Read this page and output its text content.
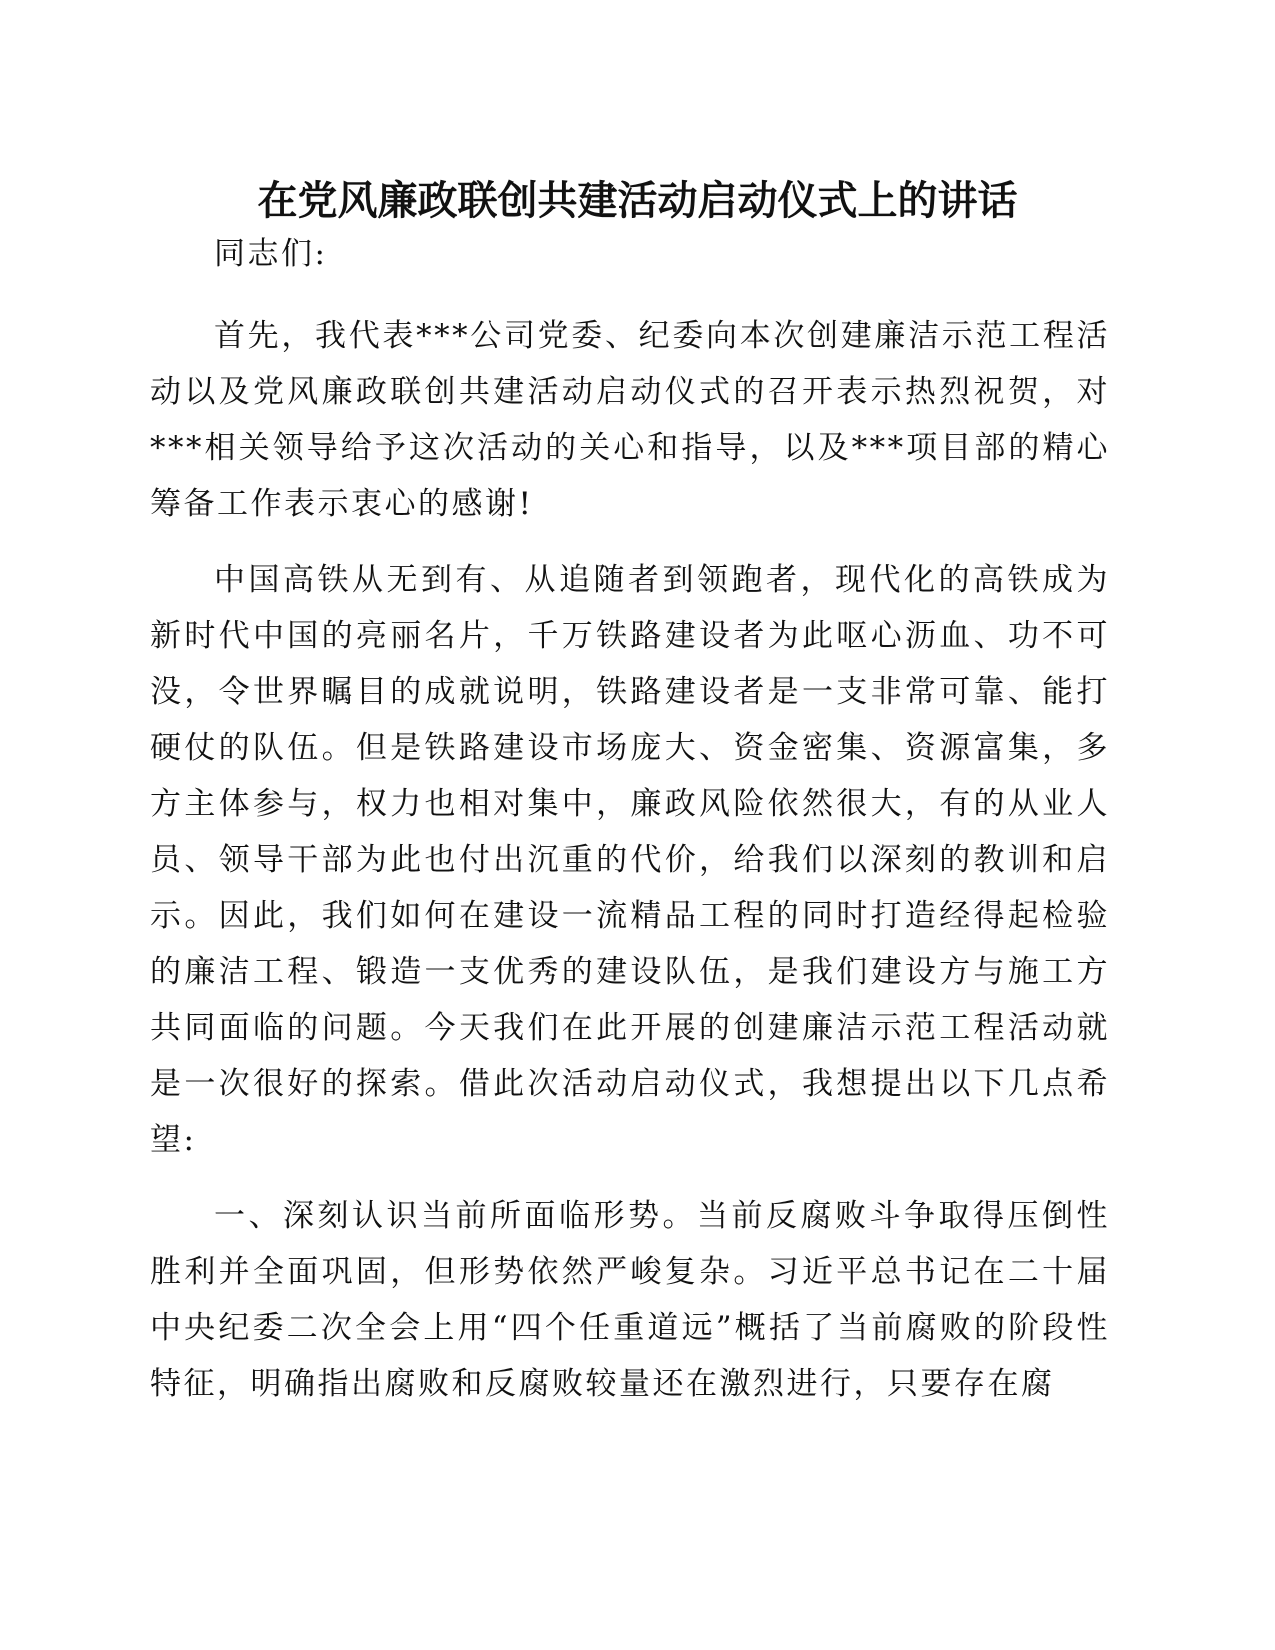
在党风廉政联创共建活动启动仪式上的讲话

同志们:

首先，我代表***公司党委、纪委向本次创建廉洁示范工程活动以及党风廉政联创共建活动启动仪式的召开表示热烈祝贺，对***相关领导给予这次活动的关心和指导，以及***项目部的精心筹备工作表示衷心的感谢!

中国高铁从无到有、从追随者到领跑者，现代化的高铁成为新时代中国的亮丽名片，千万铁路建设者为此呕心沥血、功不可没，令世界瞩目的成就说明，铁路建设者是一支非常可靠、能打硬仗的队伍。但是铁路建设市场庞大、资金密集、资源富集，多方主体参与，权力也相对集中，廉政风险依然很大，有的从业人员、领导干部为此也付出沉重的代价，给我们以深刻的教训和启示。因此，我们如何在建设一流精品工程的同时打造经得起检验的廉洁工程、锻造一支优秀的建设队伍，是我们建设方与施工方共同面临的问题。今天我们在此开展的创建廉洁示范工程活动就是一次很好的探索。借此次活动启动仪式，我想提出以下几点希望:

一、深刻认识当前所面临形势。当前反腐败斗争取得压倒性胜利并全面巩固，但形势依然严峻复杂。习近平总书记在二十届中央纪委二次全会上用“四个任重道远”概括了当前腐败的阶段性特征，明确指出腐败和反腐败较量还在激烈进行，只要存在腐
